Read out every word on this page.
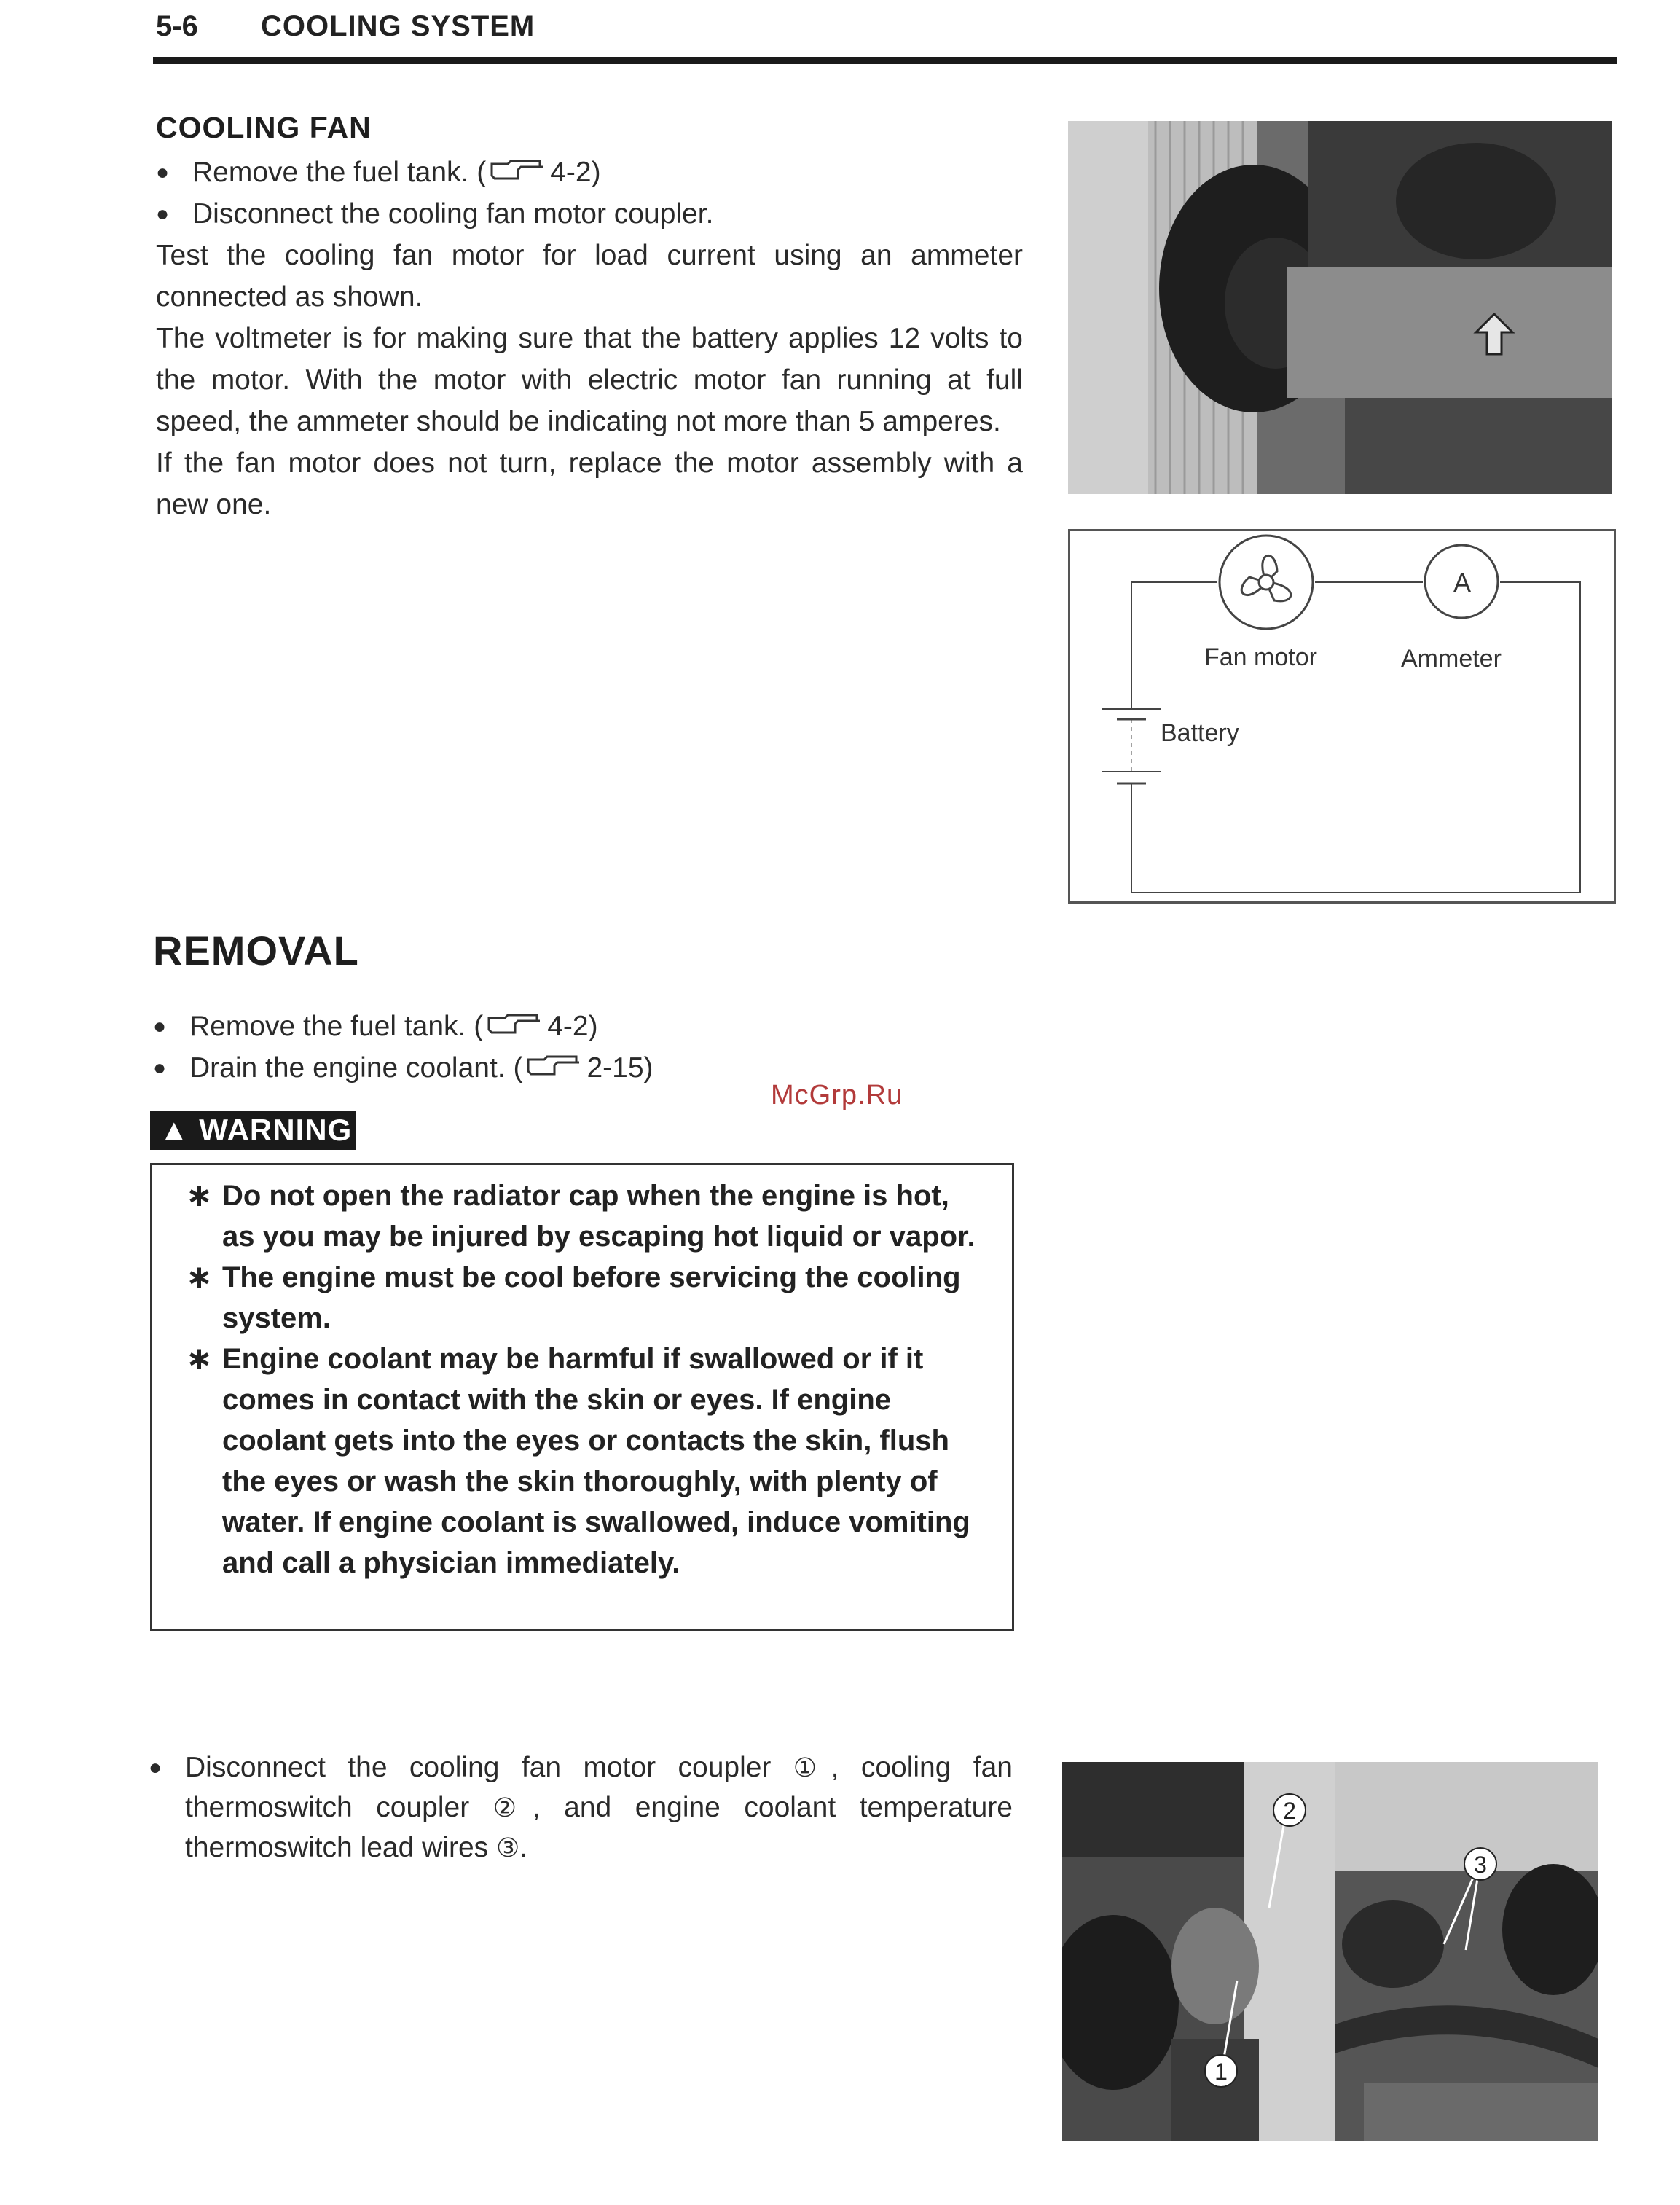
5-6 COOLING SYSTEM
COOLING FAN
● Remove the fuel tank. ( 4-2)
● Disconnect the cooling fan motor coupler.
Test the cooling fan motor for load current using an ammeter connected as shown.
The voltmeter is for making sure that the battery applies 12 volts to the motor. With the motor with electric motor fan running at full speed, the ammeter should be indicating not more than 5 amperes.
If the fan motor does not turn, replace the motor assembly with a new one.
A
Fan motor	Ammeter
Battery
REMOVAL
● Remove the fuel tank. ( 4-2)
● Drain the engine coolant. ( 2-15)
McGrp.Ru
▲ WARNING
∗ Do not open the radiator cap when the engine is hot, as you may be injured by escaping hot liquid or vapor.
∗ The engine must be cool before servicing the cooling system.
∗ Engine coolant may be harmful if swallowed or if it comes in contact with the skin or eyes. If engine coolant gets into the eyes or contacts the skin, flush the eyes or wash the skin thoroughly, with plenty of water. If engine coolant is swallowed, induce vomiting and call a physician immediately.
● Disconnect the cooling fan motor coupler ①, cooling fan thermoswitch coupler ②, and engine coolant temperature thermoswitch lead wires ③.
2
1
3
